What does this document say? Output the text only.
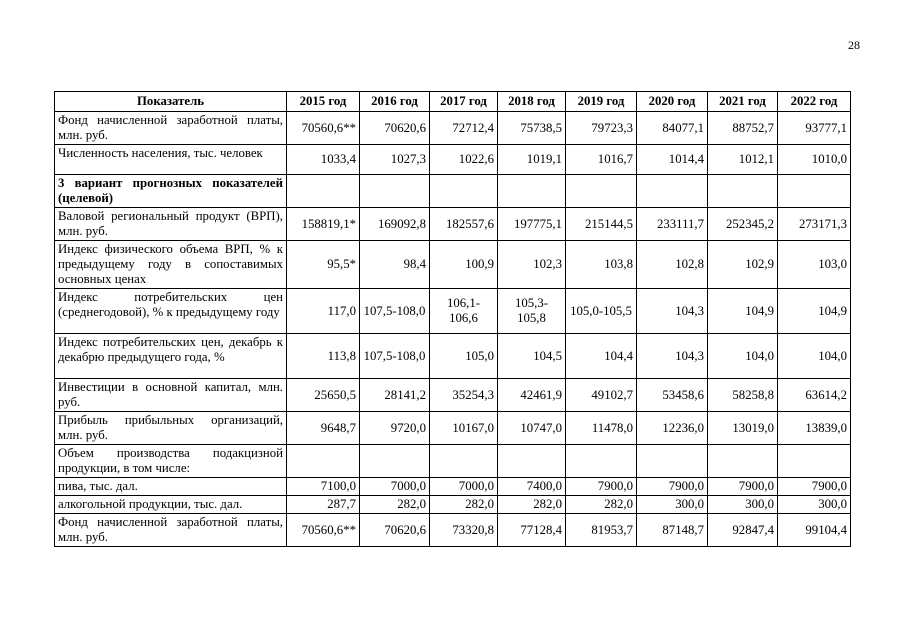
28
Показатель	2015 год	2016 год	2017 год	2018 год	2019 год	2020 год	2021 год	2022 год
Фонд начисленной заработной платы, млн. руб.	70560,6**	70620,6	72712,4	75738,5	79723,3	84077,1	88752,7	93777,1
Численность населения, тыс. человек	1033,4	1027,3	1022,6	1019,1	1016,7	1014,4	1012,1	1010,0
3 вариант прогнозных показателей (целевой)								
Валовой региональный продукт (ВРП), млн. руб.	158819,1*	169092,8	182557,6	197775,1	215144,5	233111,7	252345,2	273171,3
Индекс физического объема ВРП, % к предыдущему году в сопоставимых основных ценах	95,5*	98,4	100,9	102,3	103,8	102,8	102,9	103,0
Индекс потребительских цен (среднегодовой), % к предыдущему году	117,0	107,5-108,0	106,1-106,6	105,3-105,8	105,0-105,5	104,3	104,9	104,9
Индекс потребительских цен, декабрь к декабрю предыдущего года, %	113,8	107,5-108,0	105,0	104,5	104,4	104,3	104,0	104,0
Инвестиции в основной капитал, млн. руб.	25650,5	28141,2	35254,3	42461,9	49102,7	53458,6	58258,8	63614,2
Прибыль прибыльных организаций, млн. руб.	9648,7	9720,0	10167,0	10747,0	11478,0	12236,0	13019,0	13839,0
Объем производства подакцизной продукции, в том числе:								
пива, тыс. дал.	7100,0	7000,0	7000,0	7400,0	7900,0	7900,0	7900,0	7900,0
алкогольной продукции, тыс. дал.	287,7	282,0	282,0	282,0	282,0	300,0	300,0	300,0
Фонд начисленной заработной платы, млн. руб.	70560,6**	70620,6	73320,8	77128,4	81953,7	87148,7	92847,4	99104,4
